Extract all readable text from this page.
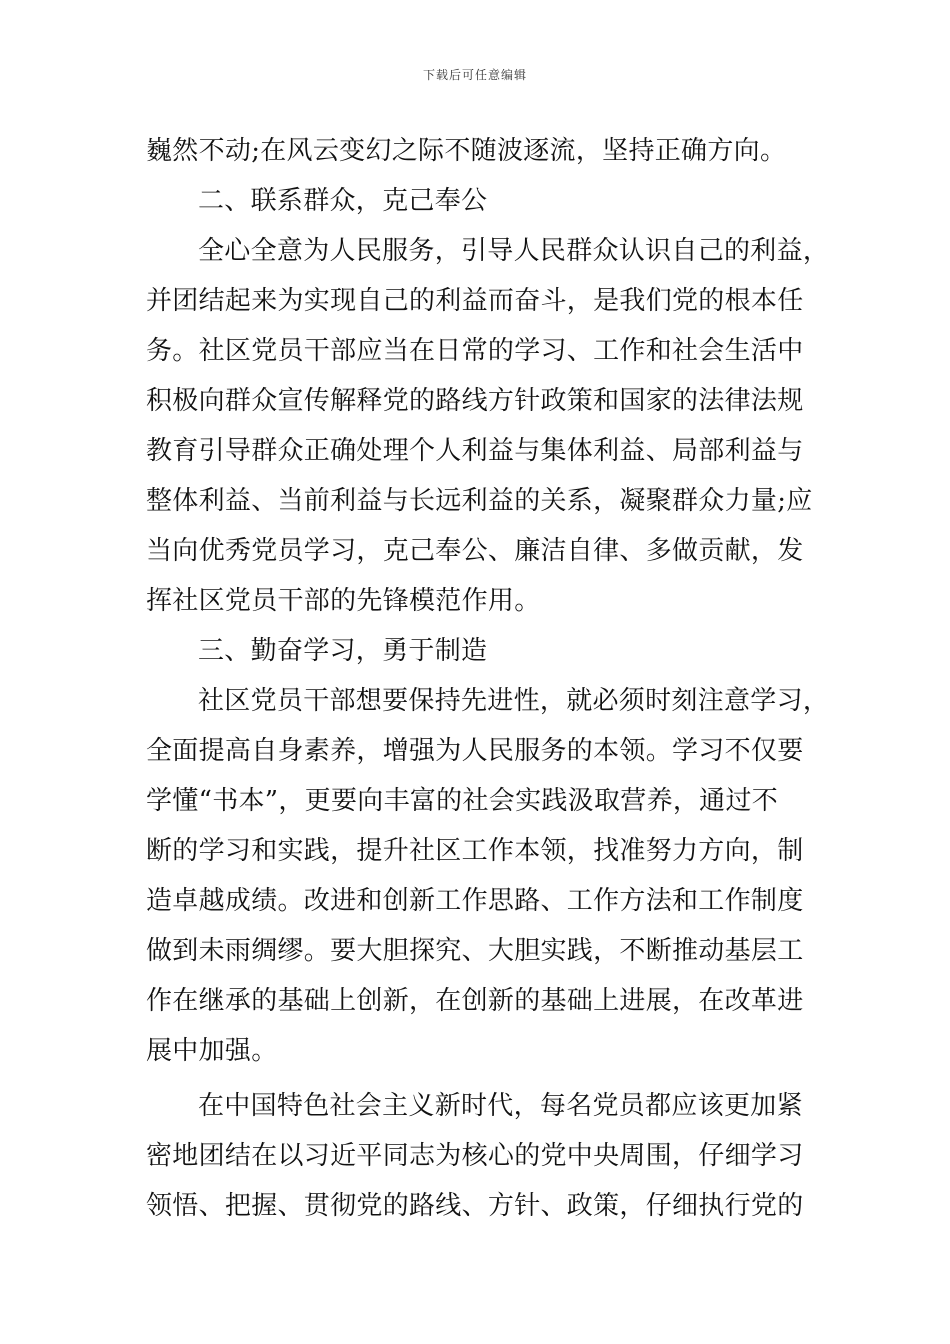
下载后可任意编辑
巍然不动;在风云变幻之际不随波逐流，坚持正确方向。
二、联系群众，克己奉公
全心全意为人民服务，引导人民群众认识自己的利益，
并团结起来为实现自己的利益而奋斗，是我们党的根本任
务。社区党员干部应当在日常的学习、工作和社会生活中
积极向群众宣传解释党的路线方针政策和国家的法律法规
教育引导群众正确处理个人利益与集体利益、局部利益与
整体利益、当前利益与长远利益的关系，凝聚群众力量;应
当向优秀党员学习，克己奉公、廉洁自律、多做贡献，发
挥社区党员干部的先锋模范作用。
三、勤奋学习，勇于制造
社区党员干部想要保持先进性，就必须时刻注意学习，
全面提高自身素养，增强为人民服务的本领。学习不仅要
学懂“书本”，更要向丰富的社会实践汲取营养，通过不
断的学习和实践，提升社区工作本领，找准努力方向，制
造卓越成绩。改进和创新工作思路、工作方法和工作制度
做到未雨绸缪。要大胆探究、大胆实践，不断推动基层工
作在继承的基础上创新，在创新的基础上进展，在改革进
展中加强。
在中国特色社会主义新时代，每名党员都应该更加紧
密地团结在以习近平同志为核心的党中央周围，仔细学习
领悟、把握、贯彻党的路线、方针、政策，仔细执行党的
